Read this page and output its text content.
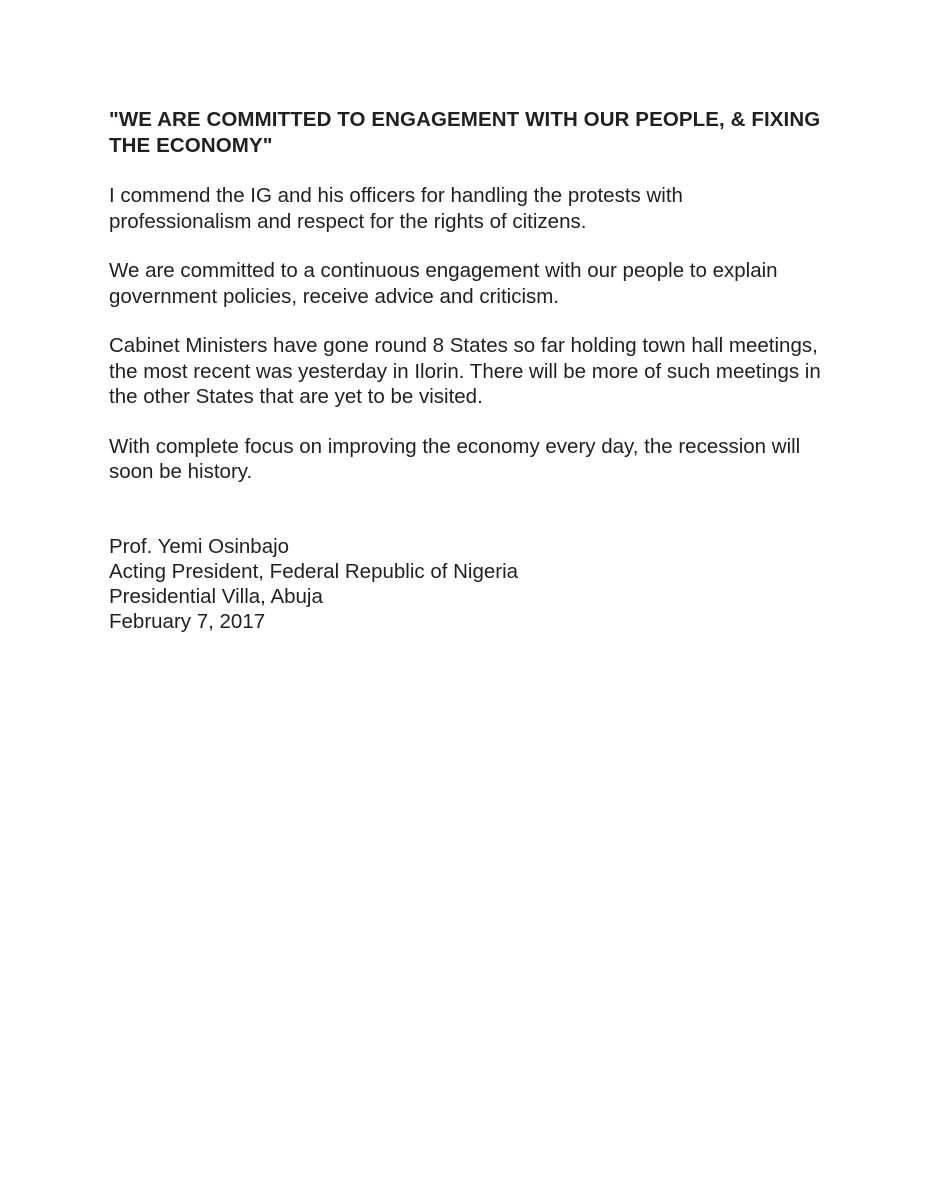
"WE ARE COMMITTED TO ENGAGEMENT WITH OUR PEOPLE, & FIXING THE ECONOMY"

I commend the IG and his officers for handling the protests with professionalism and respect for the rights of citizens.

We are committed to a continuous engagement with our people to explain government policies, receive advice and criticism.

Cabinet Ministers have gone round 8 States so far holding town hall meetings, the most recent was yesterday in Ilorin. There will be more of such meetings in the other States that are yet to be visited.

With complete focus on improving the economy every day, the recession will soon be history.

Prof. Yemi Osinbajo
Acting President, Federal Republic of Nigeria
Presidential Villa, Abuja
February 7, 2017
